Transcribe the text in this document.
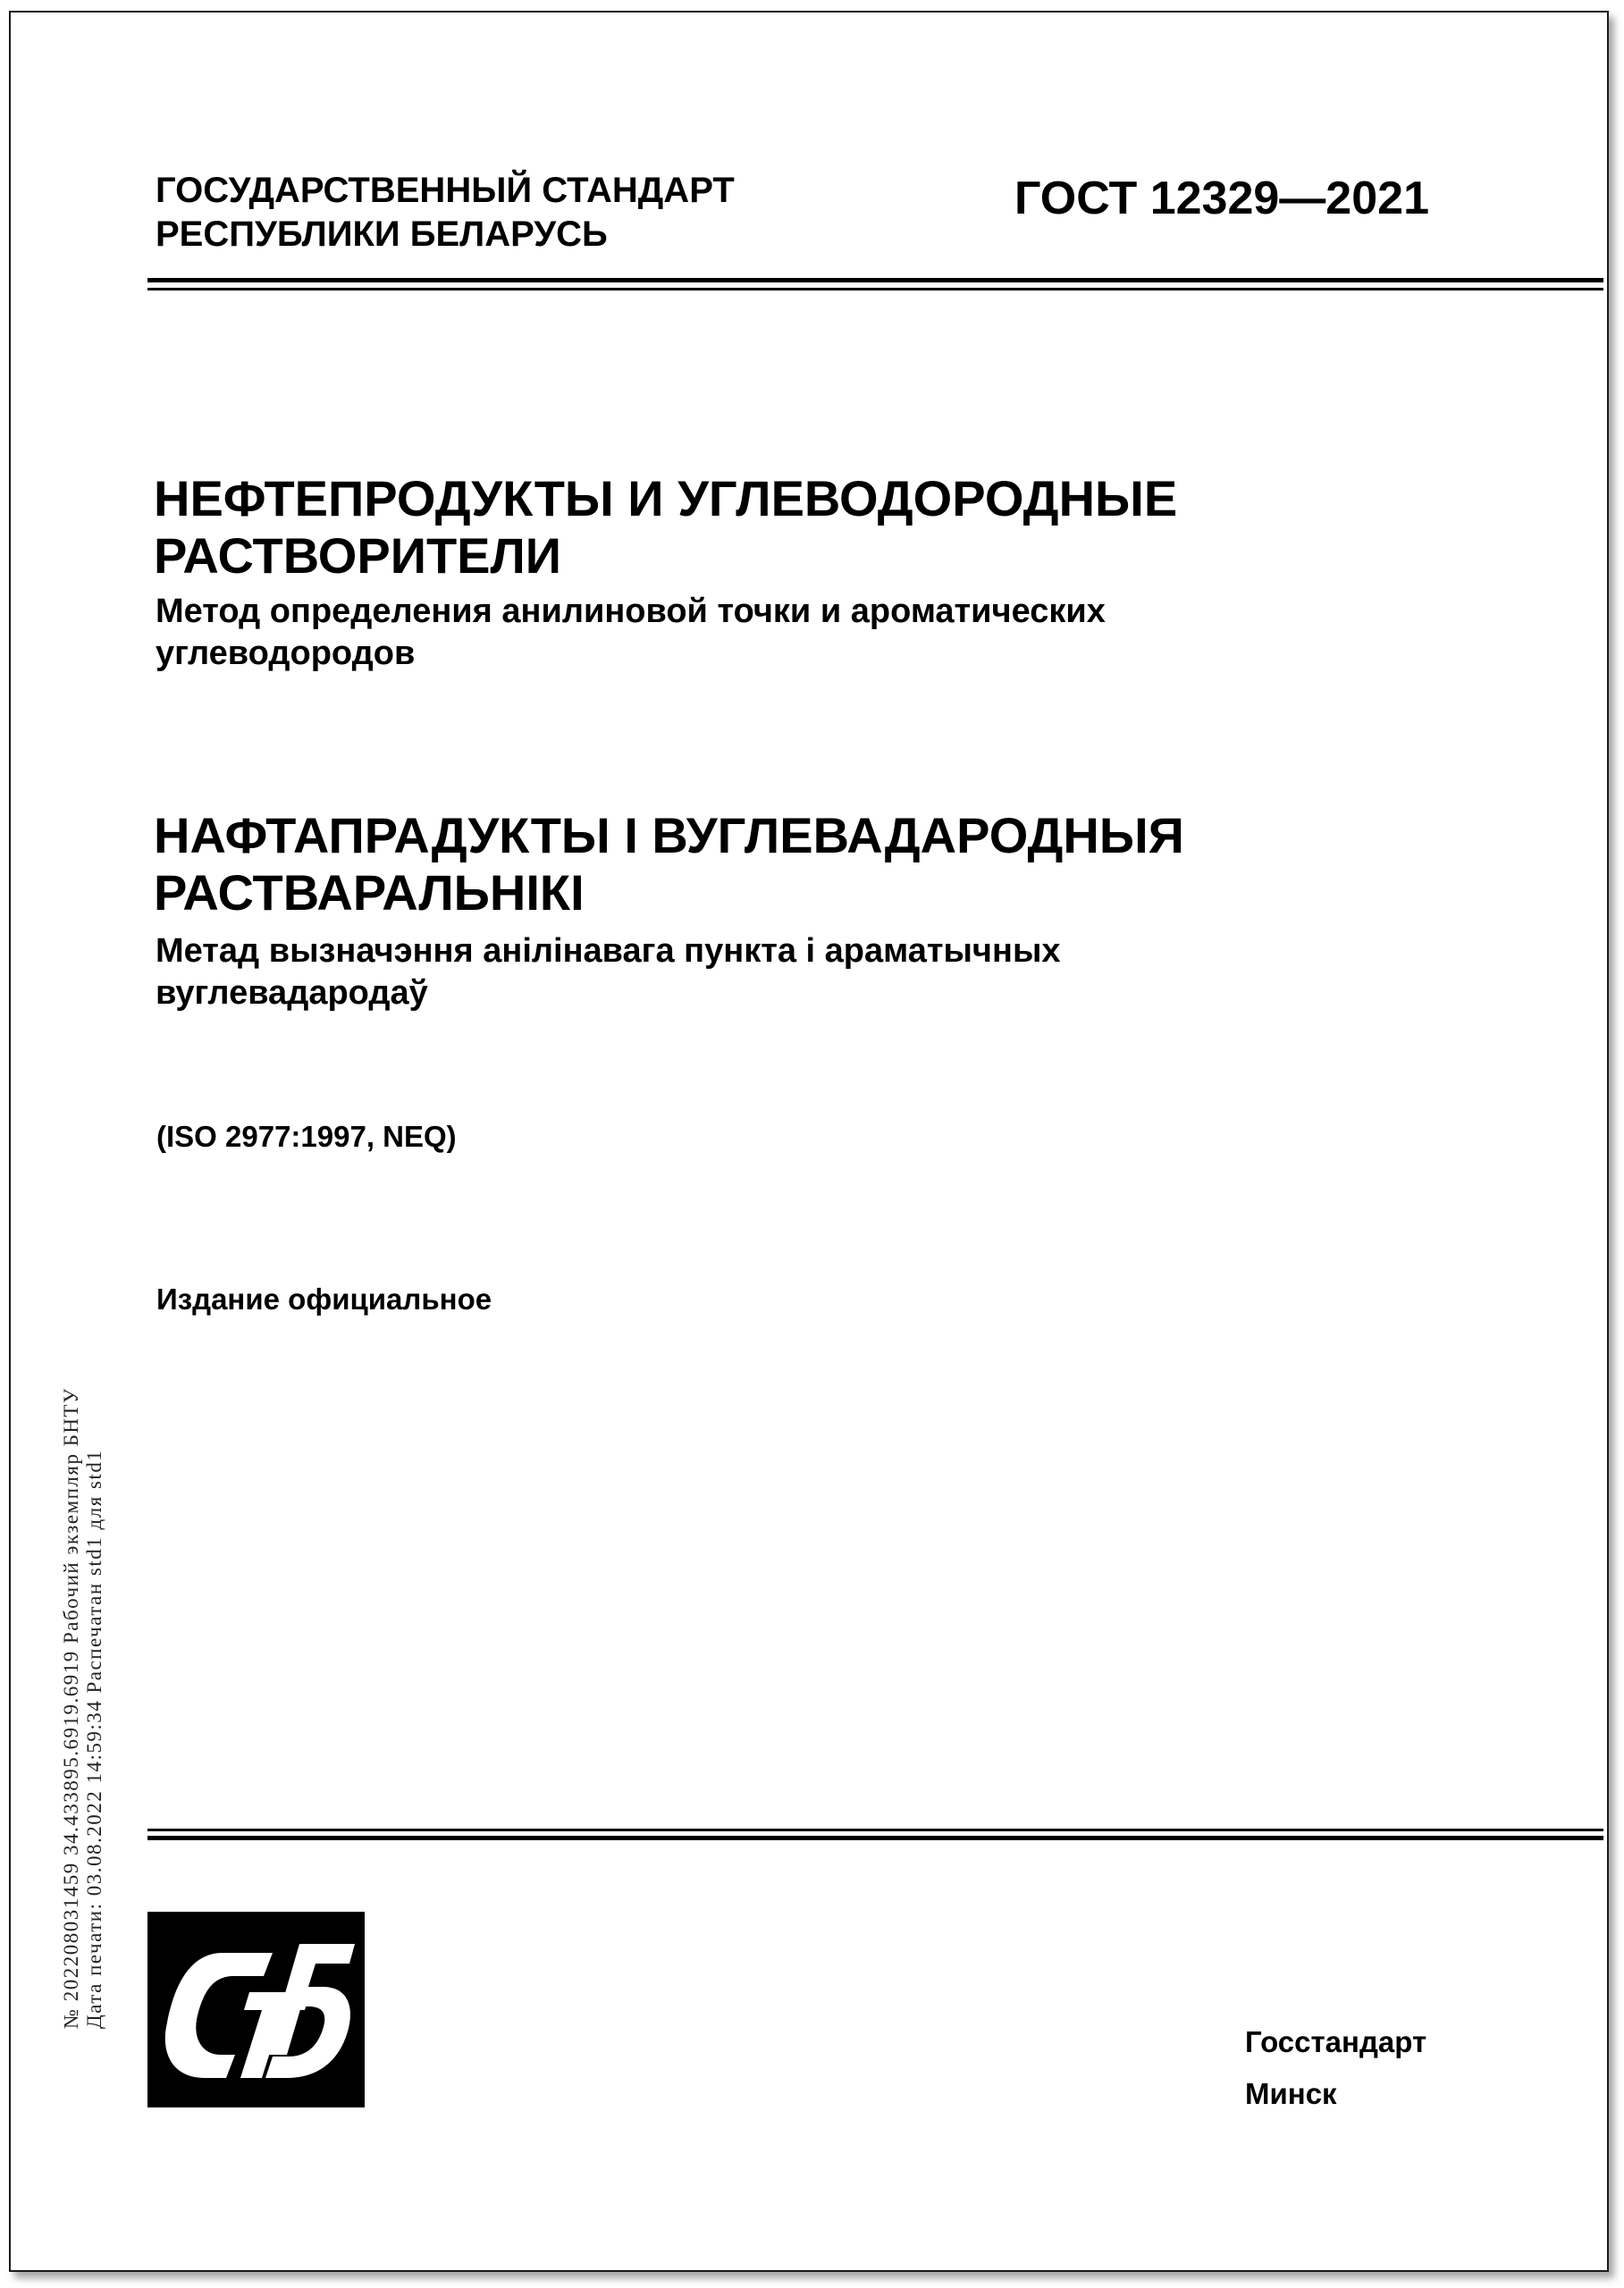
ГОСУДАРСТВЕННЫЙ СТАНДАРТ
РЕСПУБЛИКИ БЕЛАРУСЬ
ГОСТ 12329—2021
НЕФТЕПРОДУКТЫ И УГЛЕВОДОРОДНЫЕ
РАСТВОРИТЕЛИ
Метод определения анилиновой точки и ароматических
углеводородов
НАФТАПРАДУКТЫ І ВУГЛЕВАДАРОДНЫЯ
РАСТВАРАЛЬНІКІ
Метад вызначэння анілінавага пункта і араматычных
вуглевадародаў
(ISO 2977:1997, NEQ)
Издание официальное
№ 202208031459 34.433895.6919.6919 Рабочий экземпляр БНТУ Дата печати: 03.08.2022 14:59:34 Распечатан std1 для std1
Госстандарт
Минск
